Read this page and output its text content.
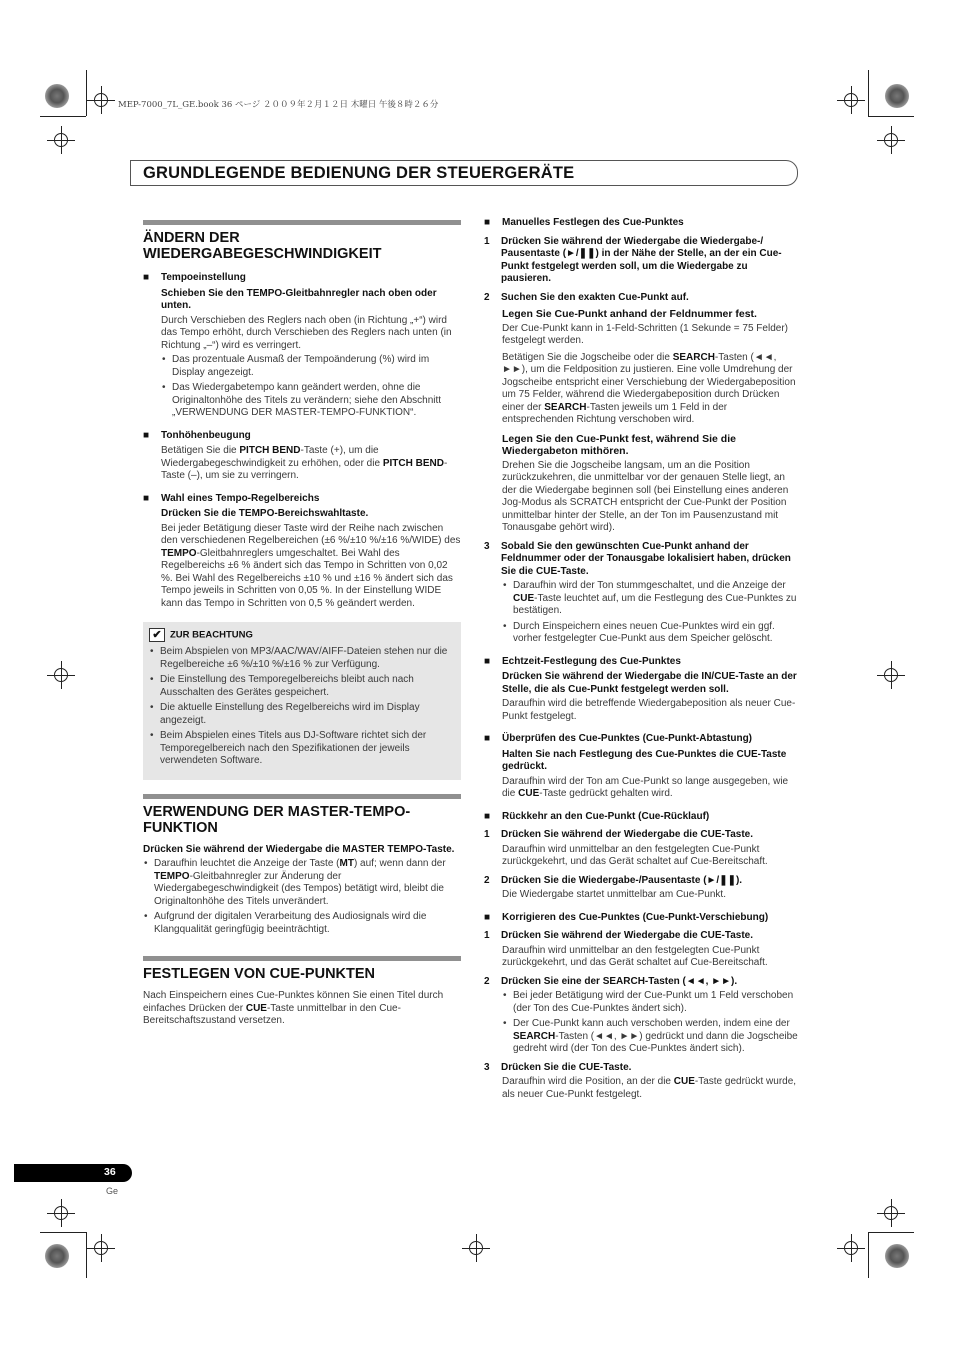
MEP-7000_7L_GE.book 36 ページ ２００９年２月１２日 木曜日 午後８時２６分
GRUNDLEGENDE BEDIENUNG DER STEUERGERÄTE
ÄNDERN DER WIEDERGABEGESCHWINDIGKEIT
■ Tempoeinstellung

Schieben Sie den TEMPO-Gleitbahnregler nach oben oder unten.

Durch Verschieben des Reglers nach oben (in Richtung „+“) wird das Tempo erhöht, durch Verschieben des Reglers nach unten (in Richtung „–“) wird es verringert.

• Das prozentuale Ausmaß der Tempoänderung (%) wird im Display angezeigt.
• Das Wiedergabetempo kann geändert werden, ohne die Originaltonhöhe des Titels zu verändern; siehe den Abschnitt „VERWENDUNG DER MASTER-TEMPO-FUNKTION“.
■ Tonhöhenbeugung

Betätigen Sie die PITCH BEND-Taste (+), um die Wiedergabegeschwindigkeit zu erhöhen, oder die PITCH BEND-Taste (–), um sie zu verringern.

■ Wahl eines Tempo-Regelbereichs

Drücken Sie die TEMPO-Bereichswahltaste.

Bei jeder Betätigung dieser Taste wird der Reihe nach zwischen den verschiedenen Regelbereichen (±6 %/±10 %/±16 %/WIDE) des TEMPO-Gleitbahnreglers umgeschaltet. Bei Wahl des Regelbereichs ±6 % ändert sich das Tempo in Schritten von 0,02 %. Bei Wahl des Regelbereichs ±10 % und ±16 % ändert sich das Tempo jeweils in Schritten von 0,05 %. In der Einstellung WIDE kann das Tempo in Schritten von 0,5 % geändert werden.

✔ ZUR BEACHTUNG
• Beim Abspielen von MP3/AAC/WAV/AIFF-Dateien stehen nur die Regelbereiche ±6 %/±10 %/±16 % zur Verfügung.
• Die Einstellung des Temporegelbereichs bleibt auch nach Ausschalten des Gerätes gespeichert.
• Die aktuelle Einstellung des Regelbereichs wird im Display angezeigt.
• Beim Abspielen eines Titels aus DJ-Software richtet sich der Temporegelbereich nach den Spezifikationen der jeweils verwendeten Software.
VERWENDUNG DER MASTER-TEMPO-FUNKTION

Drücken Sie während der Wiedergabe die MASTER TEMPO-Taste.

• Daraufhin leuchtet die Anzeige der Taste (MT) auf; wenn dann der TEMPO-Gleitbahnregler zur Änderung der Wiedergabegeschwindigkeit (des Tempos) betätigt wird, bleibt die Originaltonhöhe des Titels unverändert.
• Aufgrund der digitalen Verarbeitung des Audiosignals wird die Klangqualität geringfügig beeinträchtigt.
FESTLEGEN VON CUE-PUNKTEN

Nach Einspeichern eines Cue-Punktes können Sie einen Titel durch einfaches Drücken der CUE-Taste unmittelbar in den Cue-Bereitschaftszustand versetzen.

■ Manuelles Festlegen des Cue-Punktes
1 Drücken Sie während der Wiedergabe die Wiedergabe-/ Pausentaste (►/❚❚) in der Nähe der Stelle, an der ein Cue-Punkt festgelegt werden soll, um die Wiedergabe zu pausieren.
2 Suchen Sie den exakten Cue-Punkt auf.

Legen Sie Cue-Punkt anhand der Feldnummer fest.

Der Cue-Punkt kann in 1-Feld-Schritten (1 Sekunde = 75 Felder) festgelegt werden.

Betätigen Sie die Jogscheibe oder die SEARCH-Tasten (◄◄, ►►), um die Feldposition zu justieren. Eine volle Umdrehung der Jogscheibe entspricht einer Verschiebung der Wiedergabeposition um 75 Felder, während die Wiedergabeposition durch Drücken einer der SEARCH-Tasten jeweils um 1 Feld in der entsprechenden Richtung verschoben wird.

Legen Sie den Cue-Punkt fest, während Sie die Wiedergabeton mithören.

Drehen Sie die Jogscheibe langsam, um an die Position zurückzukehren, die unmittelbar vor der genauen Stelle liegt, an der die Wiedergabe beginnen soll (bei Einstellung eines anderen Jog-Modus als SCRATCH entspricht der Cue-Punkt der Position unmittelbar hinter der Stelle, an der Ton im Pausenzustand mit Tonausgabe gehört wird).

3 Sobald Sie den gewünschten Cue-Punkt anhand der Feldnummer oder der Tonausgabe lokalisiert haben, drücken Sie die CUE-Taste.
• Daraufhin wird der Ton stummgeschaltet, und die Anzeige der CUE-Taste leuchtet auf, um die Festlegung des Cue-Punktes zu bestätigen.
• Durch Einspeichern eines neuen Cue-Punktes wird ein ggf. vorher festgelegter Cue-Punkt aus dem Speicher gelöscht.
■ Echtzeit-Festlegung des Cue-Punktes

Drücken Sie während der Wiedergabe die IN/CUE-Taste an der Stelle, die als Cue-Punkt festgelegt werden soll.

Daraufhin wird die betreffende Wiedergabeposition als neuer Cue-Punkt festgelegt.

■ Überprüfen des Cue-Punktes (Cue-Punkt-Abtastung)

Halten Sie nach Festlegung des Cue-Punktes die CUE-Taste gedrückt.

Daraufhin wird der Ton am Cue-Punkt so lange ausgegeben, wie die CUE-Taste gedrückt gehalten wird.

■ Rückkehr an den Cue-Punkt (Cue-Rücklauf)
1 Drücken Sie während der Wiedergabe die CUE-Taste.

Daraufhin wird unmittelbar an den festgelegten Cue-Punkt zurückgekehrt, und das Gerät schaltet auf Cue-Bereitschaft.

2 Drücken Sie die Wiedergabe-/Pausentaste (►/❚❚).

Die Wiedergabe startet unmittelbar am Cue-Punkt.

■ Korrigieren des Cue-Punktes (Cue-Punkt-Verschiebung)
1 Drücken Sie während der Wiedergabe die CUE-Taste.

Daraufhin wird unmittelbar an den festgelegten Cue-Punkt zurückgekehrt, und das Gerät schaltet auf Cue-Bereitschaft.

2 Drücken Sie eine der SEARCH-Tasten (◄◄, ►►).
• Bei jeder Betätigung wird der Cue-Punkt um 1 Feld verschoben (der Ton des Cue-Punktes ändert sich).
• Der Cue-Punkt kann auch verschoben werden, indem eine der SEARCH-Tasten (◄◄, ►►) gedrückt und dann die Jogscheibe gedreht wird (der Ton des Cue-Punktes ändert sich).
3 Drücken Sie die CUE-Taste.

Daraufhin wird die Position, an der die CUE-Taste gedrückt wurde, als neuer Cue-Punkt festgelegt.

36
Ge
